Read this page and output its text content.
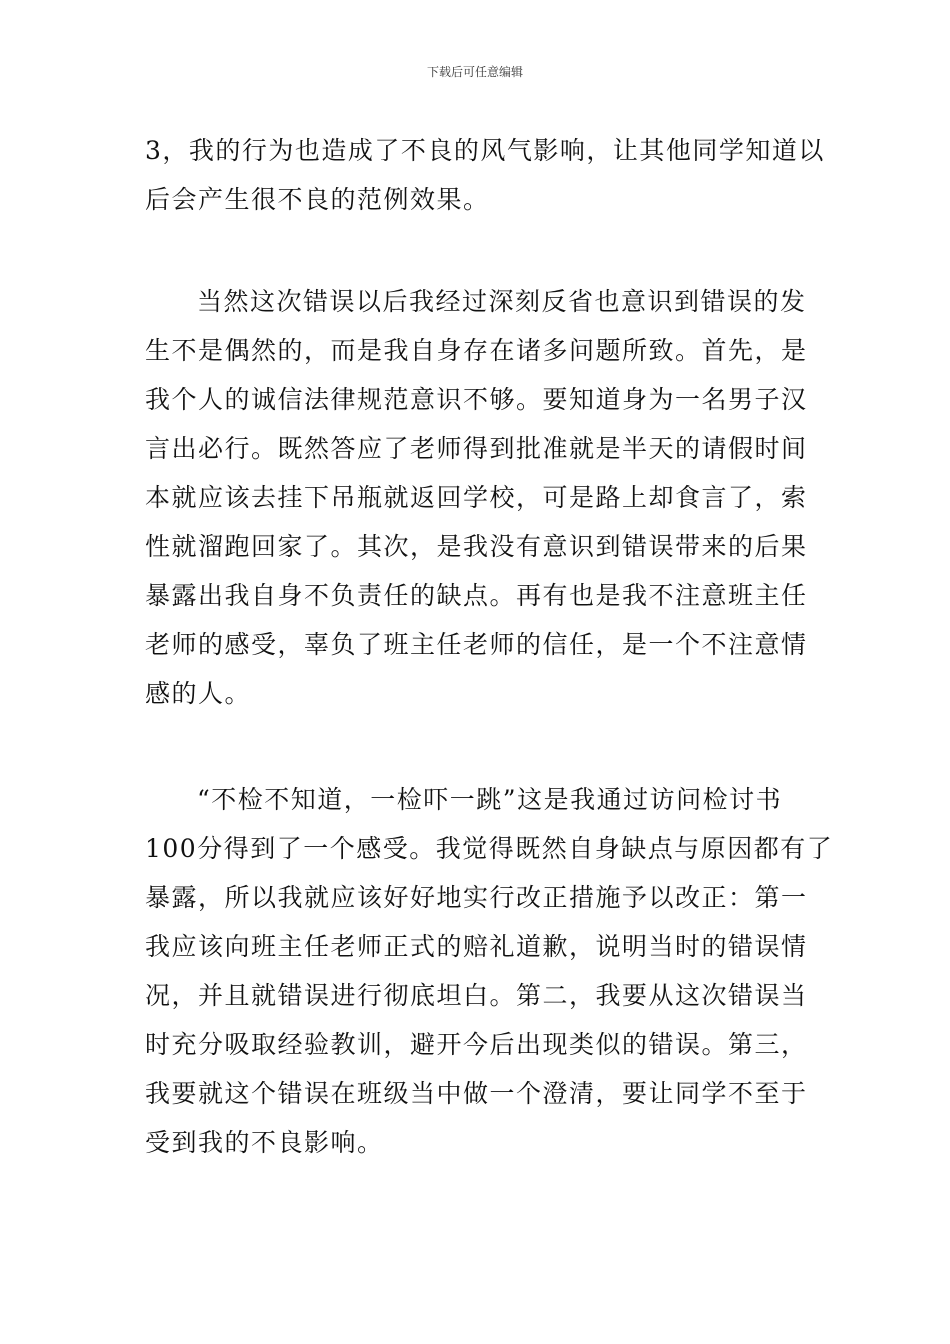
下载后可任意编辑
3，我的行为也造成了不良的风气影响，让其他同学知道以
后会产生很不良的范例效果。
当然这次错误以后我经过深刻反省也意识到错误的发
生不是偶然的，而是我自身存在诸多问题所致。首先，是
我个人的诚信法律规范意识不够。要知道身为一名男子汉
言出必行。既然答应了老师得到批准就是半天的请假时间
本就应该去挂下吊瓶就返回学校，可是路上却食言了，索
性就溜跑回家了。其次，是我没有意识到错误带来的后果
暴露出我自身不负责任的缺点。再有也是我不注意班主任
老师的感受，辜负了班主任老师的信任，是一个不注意情
感的人。
“不检不知道，一检吓一跳”这是我通过访问检讨书
100分得到了一个感受。我觉得既然自身缺点与原因都有了
暴露，所以我就应该好好地实行改正措施予以改正：第一
我应该向班主任老师正式的赔礼道歉，说明当时的错误情
况，并且就错误进行彻底坦白。第二，我要从这次错误当
时充分吸取经验教训，避开今后出现类似的错误。第三，
我要就这个错误在班级当中做一个澄清，要让同学不至于
受到我的不良影响。
